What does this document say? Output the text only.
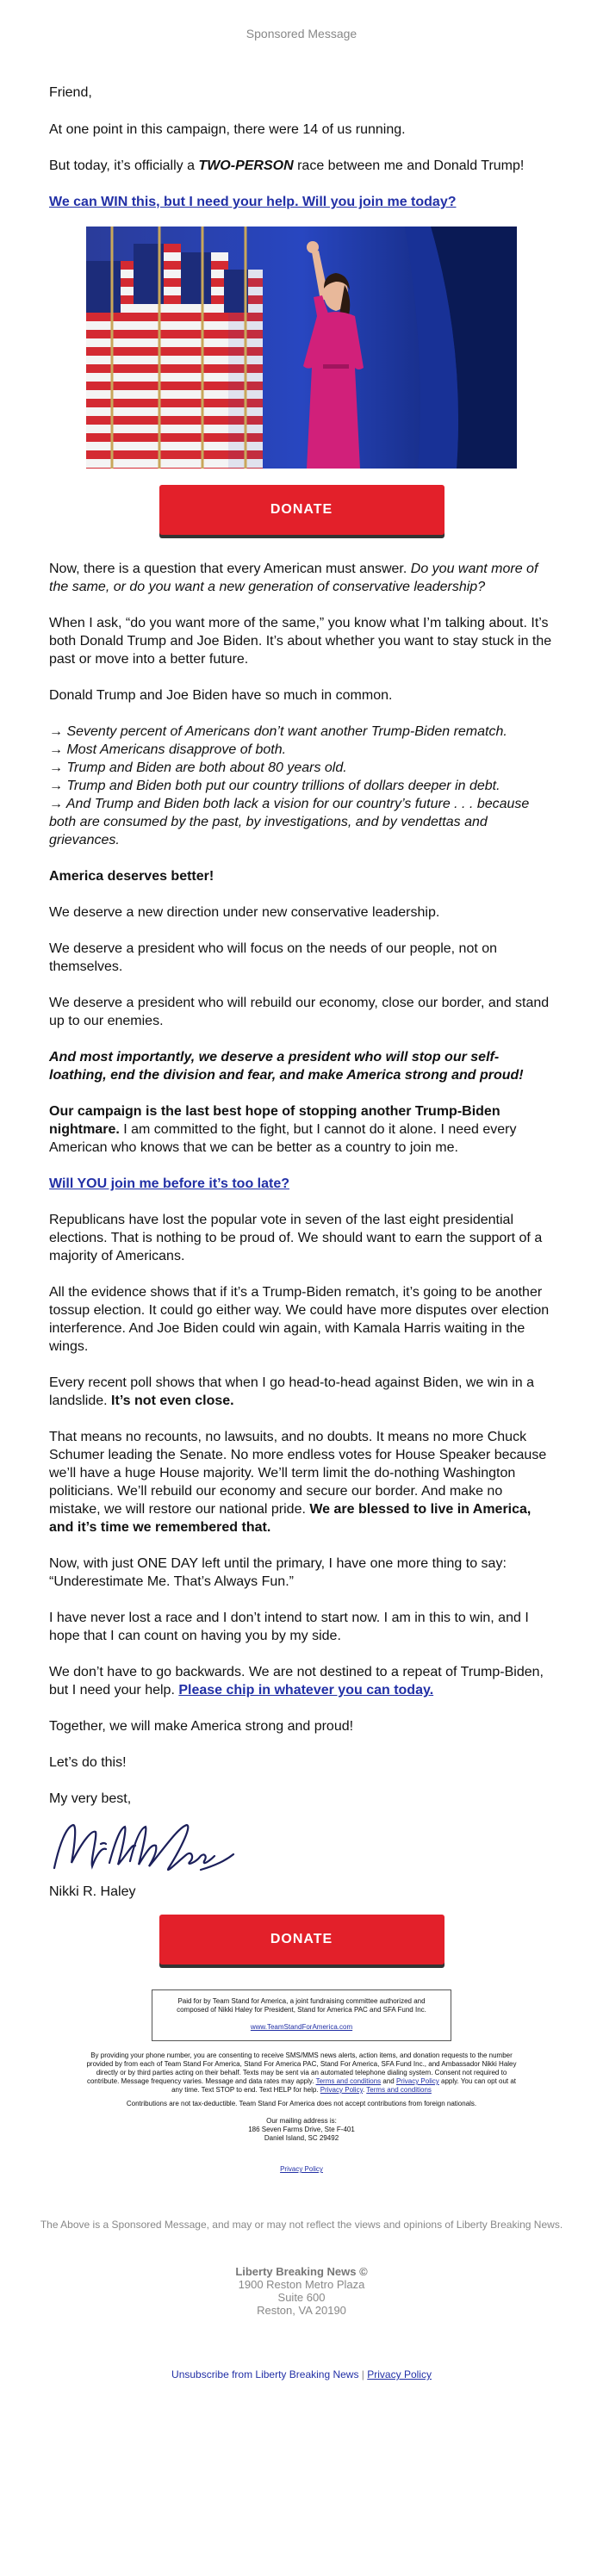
Sponsored Message

Friend,

At one point in this campaign, there were 14 of us running.

But today, it’s officially a TWO-PERSON race between me and Donald Trump!

We can WIN this, but I need your help. Will you join me today?

DONATE

Now, there is a question that every American must answer. Do you want more of the same, or do you want a new generation of conservative leadership?

When I ask, “do you want more of the same,” you know what I’m talking about. It’s both Donald Trump and Joe Biden. It’s about whether you want to stay stuck in the past or move into a better future.

Donald Trump and Joe Biden have so much in common.

→ Seventy percent of Americans don’t want another Trump-Biden rematch.

→ Most Americans disapprove of both.

→ Trump and Biden are both about 80 years old.

→ Trump and Biden both put our country trillions of dollars deeper in debt.

→ And Trump and Biden both lack a vision for our country’s future . . . because both are consumed by the past, by investigations, and by vendettas and grievances.

America deserves better!

We deserve a new direction under new conservative leadership.

We deserve a president who will focus on the needs of our people, not on themselves.

We deserve a president who will rebuild our economy, close our border, and stand up to our enemies.

And most importantly, we deserve a president who will stop our self-loathing, end the division and fear, and make America strong and proud!

Our campaign is the last best hope of stopping another Trump-Biden nightmare. I am committed to the fight, but I cannot do it alone. I need every American who knows that we can be better as a country to join me.

Will YOU join me before it’s too late?

Republicans have lost the popular vote in seven of the last eight presidential elections. That is nothing to be proud of. We should want to earn the support of a majority of Americans.

All the evidence shows that if it’s a Trump-Biden rematch, it’s going to be another tossup election. It could go either way. We could have more disputes over election interference. And Joe Biden could win again, with Kamala Harris waiting in the wings.

Every recent poll shows that when I go head-to-head against Biden, we win in a landslide. It’s not even close.

That means no recounts, no lawsuits, and no doubts. It means no more Chuck Schumer leading the Senate. No more endless votes for House Speaker because we’ll have a huge House majority. We’ll term limit the do-nothing Washington politicians. We’ll rebuild our economy and secure our border. And make no mistake, we will restore our national pride. We are blessed to live in America, and it’s time we remembered that.

Now, with just ONE DAY left until the primary, I have one more thing to say: “Underestimate Me. That’s Always Fun.”

I have never lost a race and I don’t intend to start now. I am in this to win, and I hope that I can count on having you by my side.

We don’t have to go backwards. We are not destined to a repeat of Trump-Biden, but I need your help. Please chip in whatever you can today.

Together, we will make America strong and proud!

Let’s do this!

My very best,

Nikki R. Haley

DONATE
Paid for by Team Stand for America, a joint fundraising committee authorized and composed of Nikki Haley for President, Stand for America PAC and SFA Fund Inc.
www.TeamStandForAmerica.com
By providing your phone number, you are consenting to receive SMS/MMS news alerts, action items, and donation requests to the number provided by from each of Team Stand For America, Stand For America PAC, Stand For America, SFA Fund Inc., and Ambassador Nikki Haley directly or by third parties acting on their behalf. Texts may be sent via an automated telephone dialing system. Consent not required to contribute. Message frequency varies. Message and data rates may apply. Terms and conditions and Privacy Policy apply. You can opt out at any time. Text STOP to end. Text HELP for help. Privacy Policy. Terms and conditions
Contributions are not tax-deductible. Team Stand For America does not accept contributions from foreign nationals.
Our mailing address is:
186 Seven Farms Drive, Ste F-401
Daniel Island, SC 29492
Privacy Policy
The Above is a Sponsored Message, and may or may not reflect the views and opinions of Liberty Breaking News.
Liberty Breaking News ©
1900 Reston Metro Plaza
Suite 600
Reston, VA 20190
Unsubscribe from Liberty Breaking News | Privacy Policy
